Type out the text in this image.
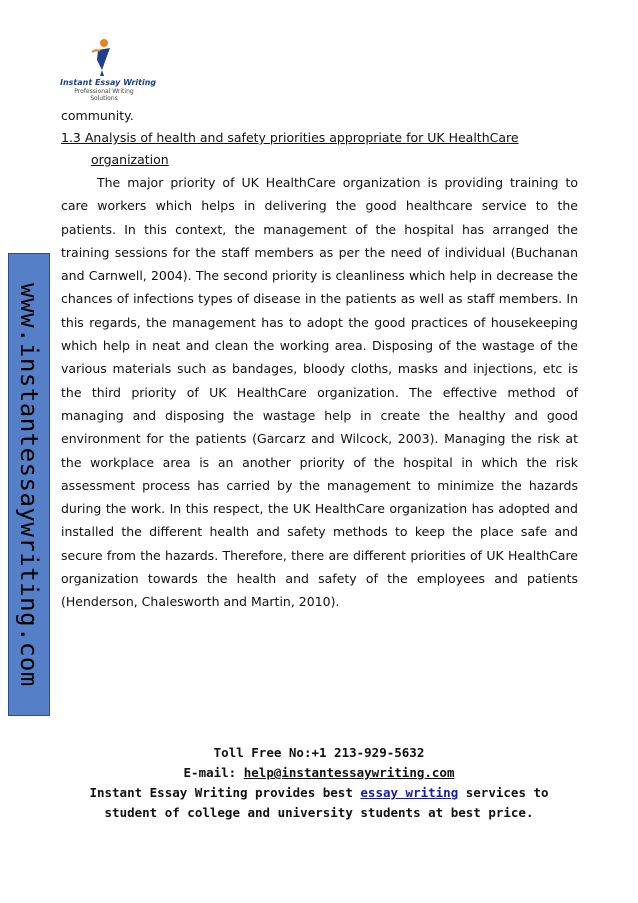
Instant Essay Writing
Professional Writing
Solutions
www.instantessaywriting.com
community.
1.3 Analysis of health and safety priorities appropriate for UK HealthCare
organization

The major priority of UK HealthCare organization is providing training to care workers which helps in delivering the good healthcare service to the patients. In this context, the management of the hospital has arranged the training sessions for the staff members as per the need of individual (Buchanan and Carnwell, 2004). The second priority is cleanliness which help in decrease the chances of infections types of disease in the patients as well as staff members. In this regards, the management has to adopt the good practices of housekeeping which help in neat and clean the working area. Disposing of the wastage of the various materials such as bandages, bloody cloths, masks and injections, etc is the third priority of UK HealthCare organization. The effective method of managing and disposing the wastage help in create the healthy and good environment for the patients (Garcarz and Wilcock, 2003). Managing the risk at the workplace area is an another priority of the hospital in which the risk assessment process has carried by the management to minimize the hazards during the work. In this respect, the UK HealthCare organization has adopted and installed the different health and safety methods to keep the place safe and secure from the hazards. Therefore, there are different priorities of UK HealthCare organization towards the health and safety of the employees and patients (Henderson, Chalesworth and Martin, 2010).

Toll Free No:+1 213-929-5632
E-mail: help@instantessaywriting.com
Instant Essay Writing provides best essay writing services to
student of college and university students at best price.
